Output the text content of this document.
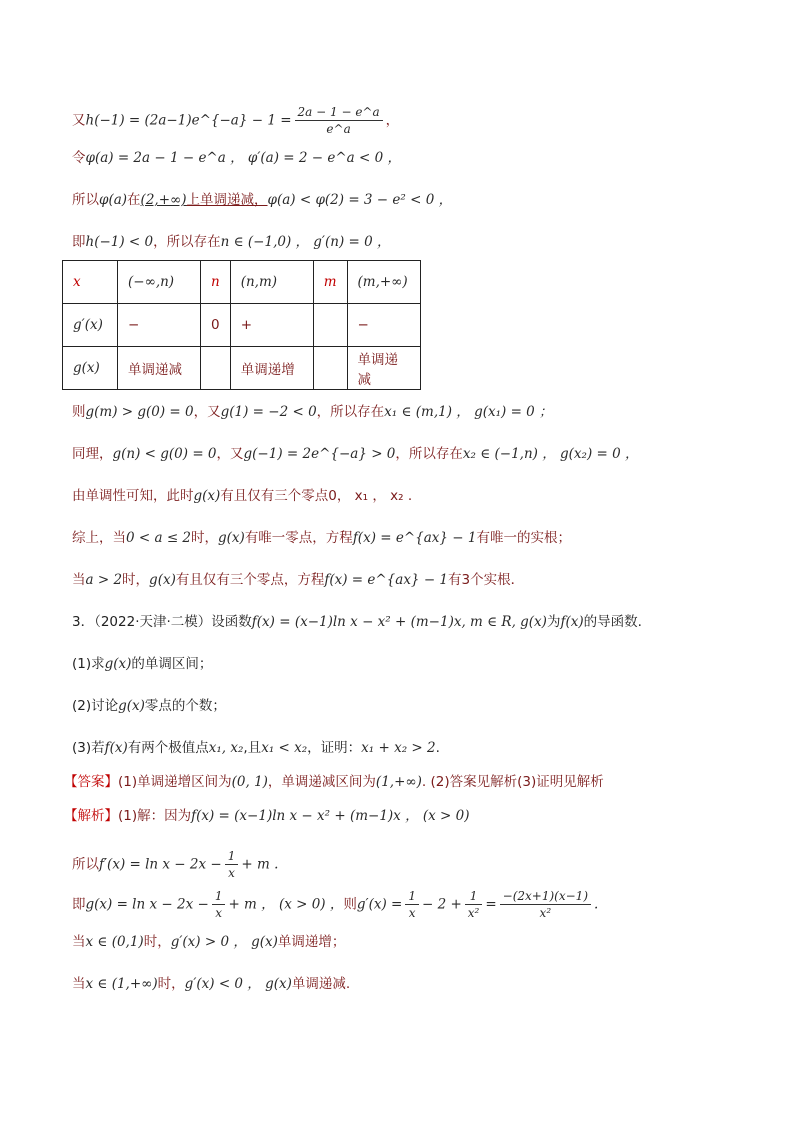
又h(−1) = (2a−1)e^{−a} − $1 = \frac{2a - 1 - e\^{}a}{e\^{}a}$ ，
令φ(a) = 2a − 1 − e^a ， φ′(a) = 2 − e^a < 0 ，
所以φ(a)在(2,+∞)上单调递减，φ(a) < φ(2) = 3 − e² < 0 ，
即h(−1) < 0，所以存在n ∈ (−1,0) ， g′(n) = 0 ，
x	(−∞,n)	n	(n,m)	m	(m,+∞)
g′(x)	−	0	+		−
g(x)	单调递减		单调递增		单调递减
则g(m) > g(0) = 0，又g(1) = −2 < 0，所以存在x₁ ∈ (m,1) ， g(x₁) = 0 ；
同理，g(n) < g(0) = 0，又g(−1) = 2e^{−a} > 0，所以存在x₂ ∈ (−1,n) ， g(x₂) = 0 ，
由单调性可知，此时g(x)有且仅有三个零点0， x₁ ， x₂ .
综上，当0 < a ≤ 2时，g(x)有唯一零点，方程f(x) = e^{ax} − 1有唯一的实根；
当a > 2时，g(x)有且仅有三个零点，方程f(x) = e^{ax} − 1有3个实根．
3．（2022·天津·二模）设函数f(x) = (x−1)ln x − x² + (m−1)x, m ∈ R, g(x)为f(x)的导函数.
(1)求g(x)的单调区间；
(2)讨论g(x)零点的个数；
(3)若f(x)有两个极值点x₁, x₂,且x₁ < x₂，证明：x₁ + x₂ > 2.
【答案】(1)单调递增区间为(0, 1)，单调递减区间为(1,+∞). (2)答案见解析(3)证明见解析
【解析】(1)解：因为f(x) = (x−1)ln x − x² + (m−1)x ， (x > 0)
所以$f'(x) = \ln x - 2x - \frac{1}{x} + m$ .
即$g(x) = \ln x - 2x - \frac{1}{x} + m$ ， (x > 0) ，则$g'(x) = \frac{1}{x} - 2 + \frac{1}{\text{x²}} = \frac{-(2x+1)(x-1)}{\text{x²}}$ .
当x ∈ (0,1)时，g′(x) > 0 ， g(x)单调递增；
当x ∈ (1,+∞)时，g′(x) < 0 ， g(x)单调递减.
